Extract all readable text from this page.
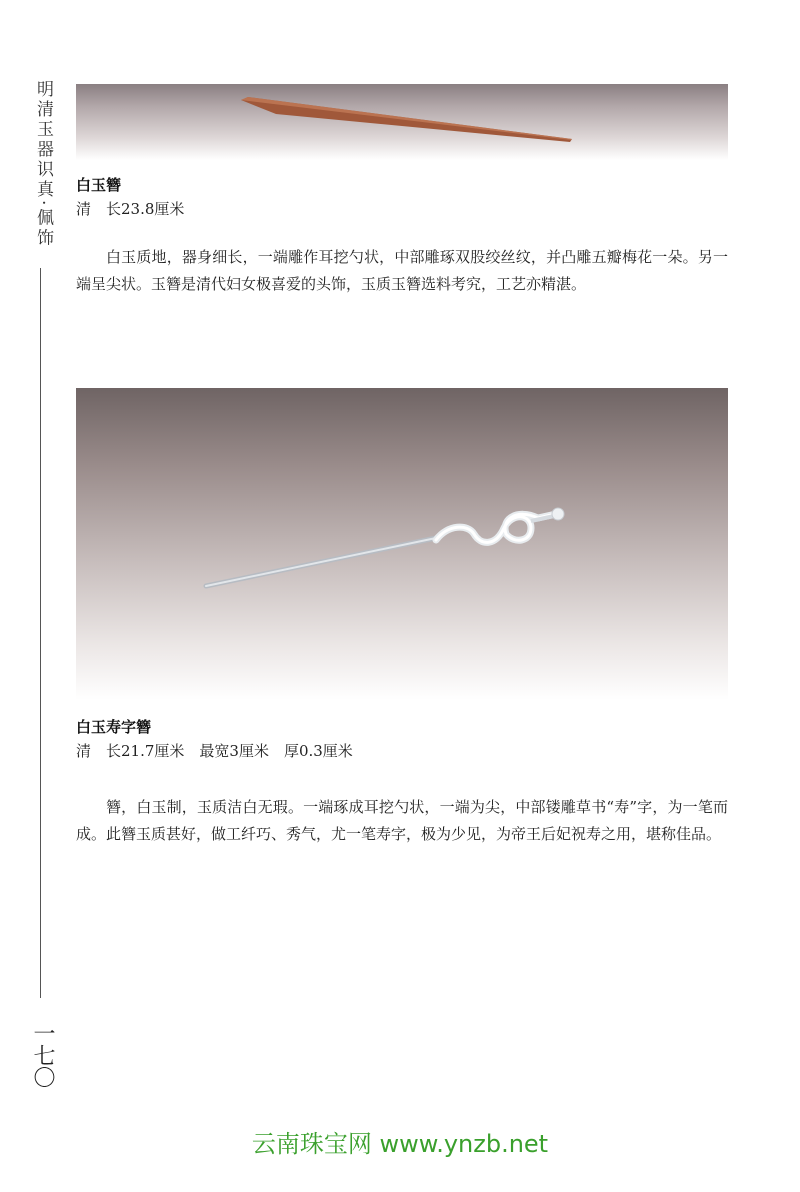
明清玉器识真·佩饰 白玉簪
清　长23.8厘米

白玉质地，器身细长，一端雕作耳挖勺状，中部雕琢双股绞丝纹，并凸雕五瓣梅花一朵。另一端呈尖状。玉簪是清代妇女极喜爱的头饰，玉质玉簪选料考究，工艺亦精湛。

白玉寿字簪
清　长21.7厘米　最宽3厘米　厚0.3厘米

簪，白玉制，玉质洁白无瑕。一端琢成耳挖勺状，一端为尖，中部镂雕草书“寿”字，为一笔而成。此簪玉质甚好，做工纤巧、秀气，尤一笔寿字，极为少见，为帝王后妃祝寿之用，堪称佳品。

一七〇
云南珠宝网 www.ynzb.net
